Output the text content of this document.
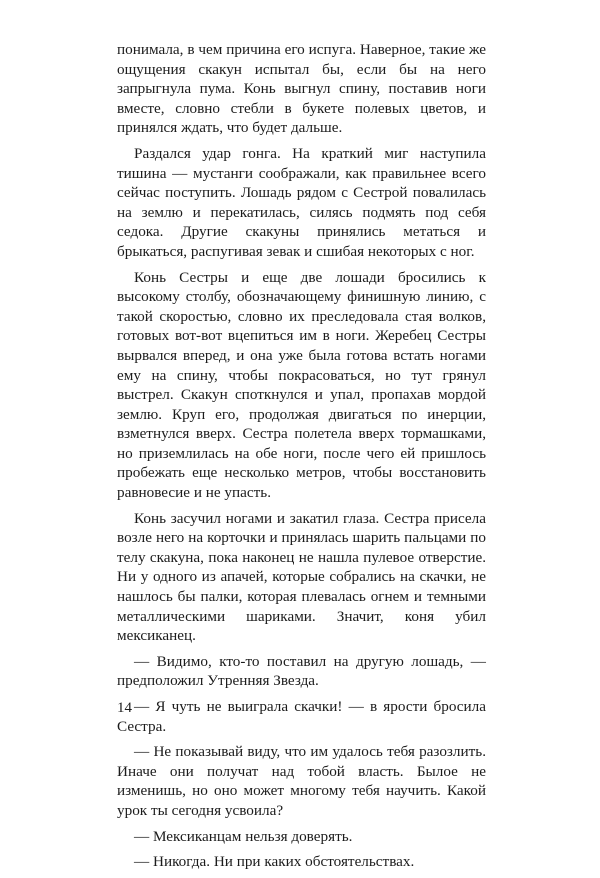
понимала, в чем причина его испуга. Наверное, такие же ощущения скакун испытал бы, если бы на него запрыгнула пума. Конь выгнул спину, поставив ноги вместе, словно стебли в букете полевых цветов, и принялся ждать, что будет дальше.

Раздался удар гонга. На краткий миг наступила тишина — мустанги соображали, как правильнее всего сейчас поступить. Лошадь рядом с Сестрой повалилась на землю и перекатилась, силясь подмять под себя седока. Другие скакуны принялись метаться и брыкаться, распугивая зевак и сшибая некоторых с ног.

Конь Сестры и еще две лошади бросились к высокому столбу, обозначающему финишную линию, с такой скоростью, словно их преследовала стая волков, готовых вот-вот вцепиться им в ноги. Жеребец Сестры вырвался вперед, и она уже была готова встать ногами ему на спину, чтобы покрасоваться, но тут грянул выстрел. Скакун споткнулся и упал, пропахав мордой землю. Круп его, продолжая двигаться по инерции, взметнулся вверх. Сестра полетела вверх тормашками, но приземлилась на обе ноги, после чего ей пришлось пробежать еще несколько метров, чтобы восстановить равновесие и не упасть.

Конь засучил ногами и закатил глаза. Сестра присела возле него на корточки и принялась шарить пальцами по телу скакуна, пока наконец не нашла пулевое отверстие. Ни у одного из апачей, которые собрались на скачки, не нашлось бы палки, которая плевалась огнем и темными металлическими шариками. Значит, коня убил мексиканец.

— Видимо, кто-то поставил на другую лошадь, — предположил Утренняя Звезда.

— Я чуть не выиграла скачки! — в ярости бросила Сестра.

— Не показывай виду, что им удалось тебя разозлить. Иначе они получат над тобой власть. Былое не изменишь, но оно может многому тебя научить. Какой урок ты сегодня усвоила?

— Мексиканцам нельзя доверять.

— Никогда. Ни при каких обстоятельствах.

14
